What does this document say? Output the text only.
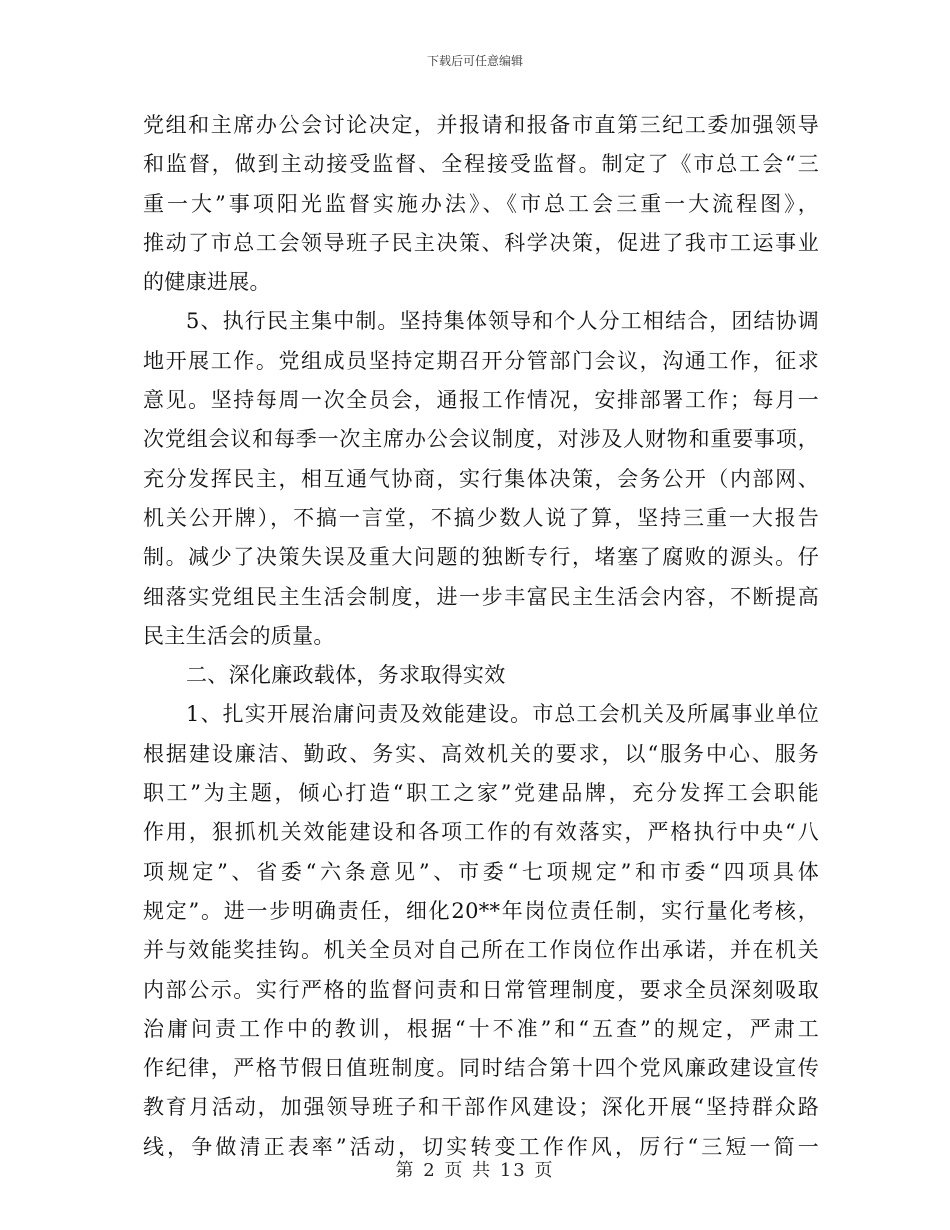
下载后可任意编辑
党组和主席办公会讨论决定，并报请和报备市直第三纪工委加强领导
和监督，做到主动接受监督、全程接受监督。制定了《市总工会“三
重一大”事项阳光监督实施办法》、《市总工会三重一大流程图》，
推动了市总工会领导班子民主决策、科学决策，促进了我市工运事业
的健康进展。
5、执行民主集中制。坚持集体领导和个人分工相结合，团结协调
地开展工作。党组成员坚持定期召开分管部门会议，沟通工作，征求
意见。坚持每周一次全员会，通报工作情况，安排部署工作；每月一
次党组会议和每季一次主席办公会议制度，对涉及人财物和重要事项，
充分发挥民主，相互通气协商，实行集体决策，会务公开（内部网、
机关公开牌），不搞一言堂，不搞少数人说了算，坚持三重一大报告
制。减少了决策失误及重大问题的独断专行，堵塞了腐败的源头。仔
细落实党组民主生活会制度，进一步丰富民主生活会内容，不断提高
民主生活会的质量。
二、深化廉政载体，务求取得实效
1、扎实开展治庸问责及效能建设。市总工会机关及所属事业单位
根据建设廉洁、勤政、务实、高效机关的要求，以“服务中心、服务
职工”为主题，倾心打造“职工之家”党建品牌，充分发挥工会职能
作用，狠抓机关效能建设和各项工作的有效落实，严格执行中央“八
项规定”、省委“六条意见”、市委“七项规定”和市委“四项具体
规定”。进一步明确责任，细化20**年岗位责任制，实行量化考核，
并与效能奖挂钩。机关全员对自己所在工作岗位作出承诺，并在机关
内部公示。实行严格的监督问责和日常管理制度，要求全员深刻吸取
治庸问责工作中的教训，根据“十不准”和“五查”的规定，严肃工
作纪律，严格节假日值班制度。同时结合第十四个党风廉政建设宣传
教育月活动，加强领导班子和干部作风建设；深化开展“坚持群众路
线，争做清正表率”活动，切实转变工作作风，厉行“三短一简一
第 2 页 共 13 页
